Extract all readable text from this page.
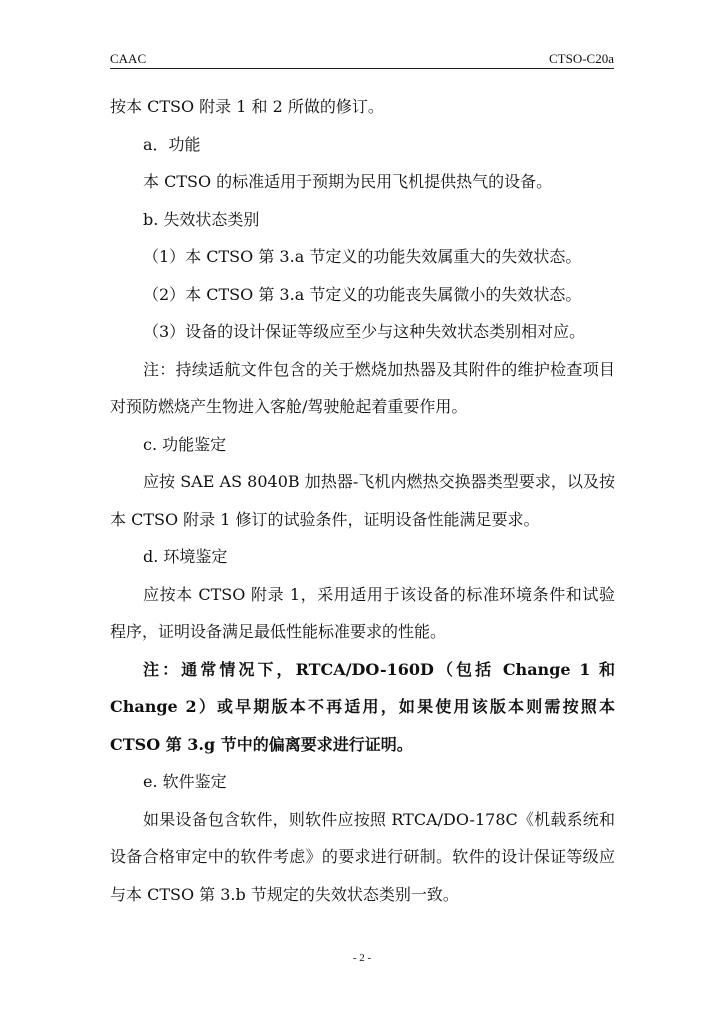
CAAC	CTSO-C20a

按本 CTSO 附录 1 和 2 所做的修订。

a．功能

本 CTSO 的标准适用于预期为民用飞机提供热气的设备。

b. 失效状态类别

（1）本 CTSO 第 3.a 节定义的功能失效属重大的失效状态。

（2）本 CTSO 第 3.a 节定义的功能丧失属微小的失效状态。

（3）设备的设计保证等级应至少与这种失效状态类别相对应。

注：持续适航文件包含的关于燃烧加热器及其附件的维护检查项目对预防燃烧产生物进入客舱/驾驶舱起着重要作用。

c. 功能鉴定

应按 SAE AS 8040B 加热器-飞机内燃热交换器类型要求，以及按本 CTSO 附录 1 修订的试验条件，证明设备性能满足要求。

d. 环境鉴定

应按本 CTSO 附录 1，采用适用于该设备的标准环境条件和试验程序，证明设备满足最低性能标准要求的性能。

注：通常情况下，RTCA/DO-160D（包括 Change 1 和 Change 2）或早期版本不再适用，如果使用该版本则需按照本 CTSO 第 3.g 节中的偏离要求进行证明。

e. 软件鉴定

如果设备包含软件，则软件应按照 RTCA/DO-178C《机载系统和设备合格审定中的软件考虑》的要求进行研制。软件的设计保证等级应与本 CTSO 第 3.b 节规定的失效状态类别一致。

- 2 -
